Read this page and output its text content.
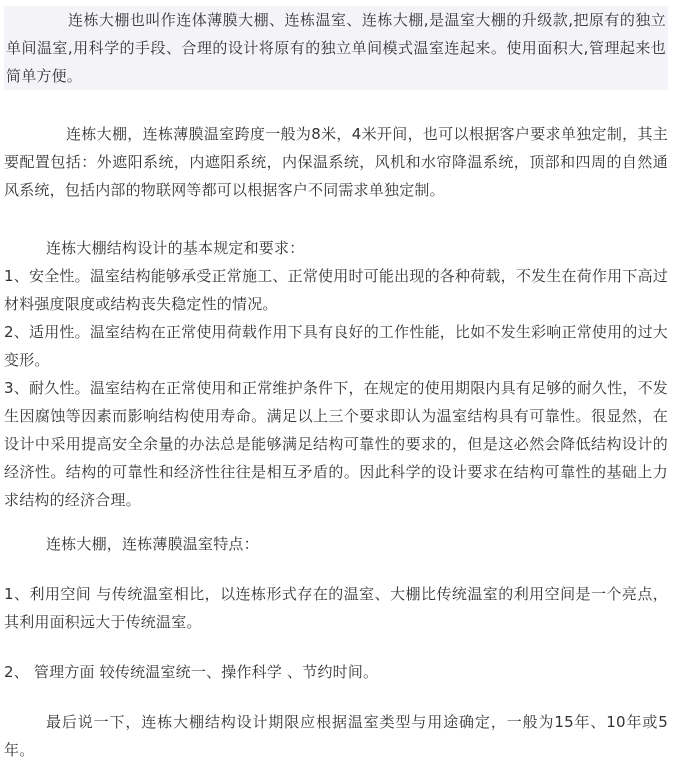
连栋大棚也叫作连体薄膜大棚、连栋温室、连栋大棚,是温室大棚的升级款,把原有的独立单间温室,用科学的手段、合理的设计将原有的独立单间模式温室连起来。使用面积大,管理起来也简单方便。

连栋大棚，连栋薄膜温室跨度一般为8米，4米开间，也可以根据客户要求单独定制，其主要配置包括：外遮阳系统，内遮阳系统，内保温系统，风机和水帘降温系统，顶部和四周的自然通风系统，包括内部的物联网等都可以根据客户不同需求单独定制。

连栋大棚结构设计的基本规定和要求：

1、安全性。温室结构能够承受正常施工、正常使用时可能出现的各种荷载，不发生在荷作用下高过材料强度限度或结构丧失稳定性的情况。

2、适用性。温室结构在正常使用荷载作用下具有良好的工作性能，比如不发生彩响正常使用的过大变形。

3、耐久性。温室结构在正常使用和正常维护条件下，在规定的使用期限内具有足够的耐久性，不发生因腐蚀等因素而影响结构使用寿命。满足以上三个要求即认为温室结构具有可靠性。很显然，在设计中采用提高安全余量的办法总是能够满足结构可靠性的要求的，但是这必然会降低结构设计的经济性。结构的可靠性和经济性往往是相互矛盾的。因此科学的设计要求在结构可靠性的基础上力求结构的经济合理。

连栋大棚，连栋薄膜温室特点：

1、利用空间 与传统温室相比，以连栋形式存在的温室、大棚比传统温室的利用空间是一个亮点，其利用面积远大于传统温室。

2、 管理方面 较传统温室统一、操作科学 、节约时间。

最后说一下，连栋大棚结构设计期限应根据温室类型与用途确定，一般为15年、10年或5年。
